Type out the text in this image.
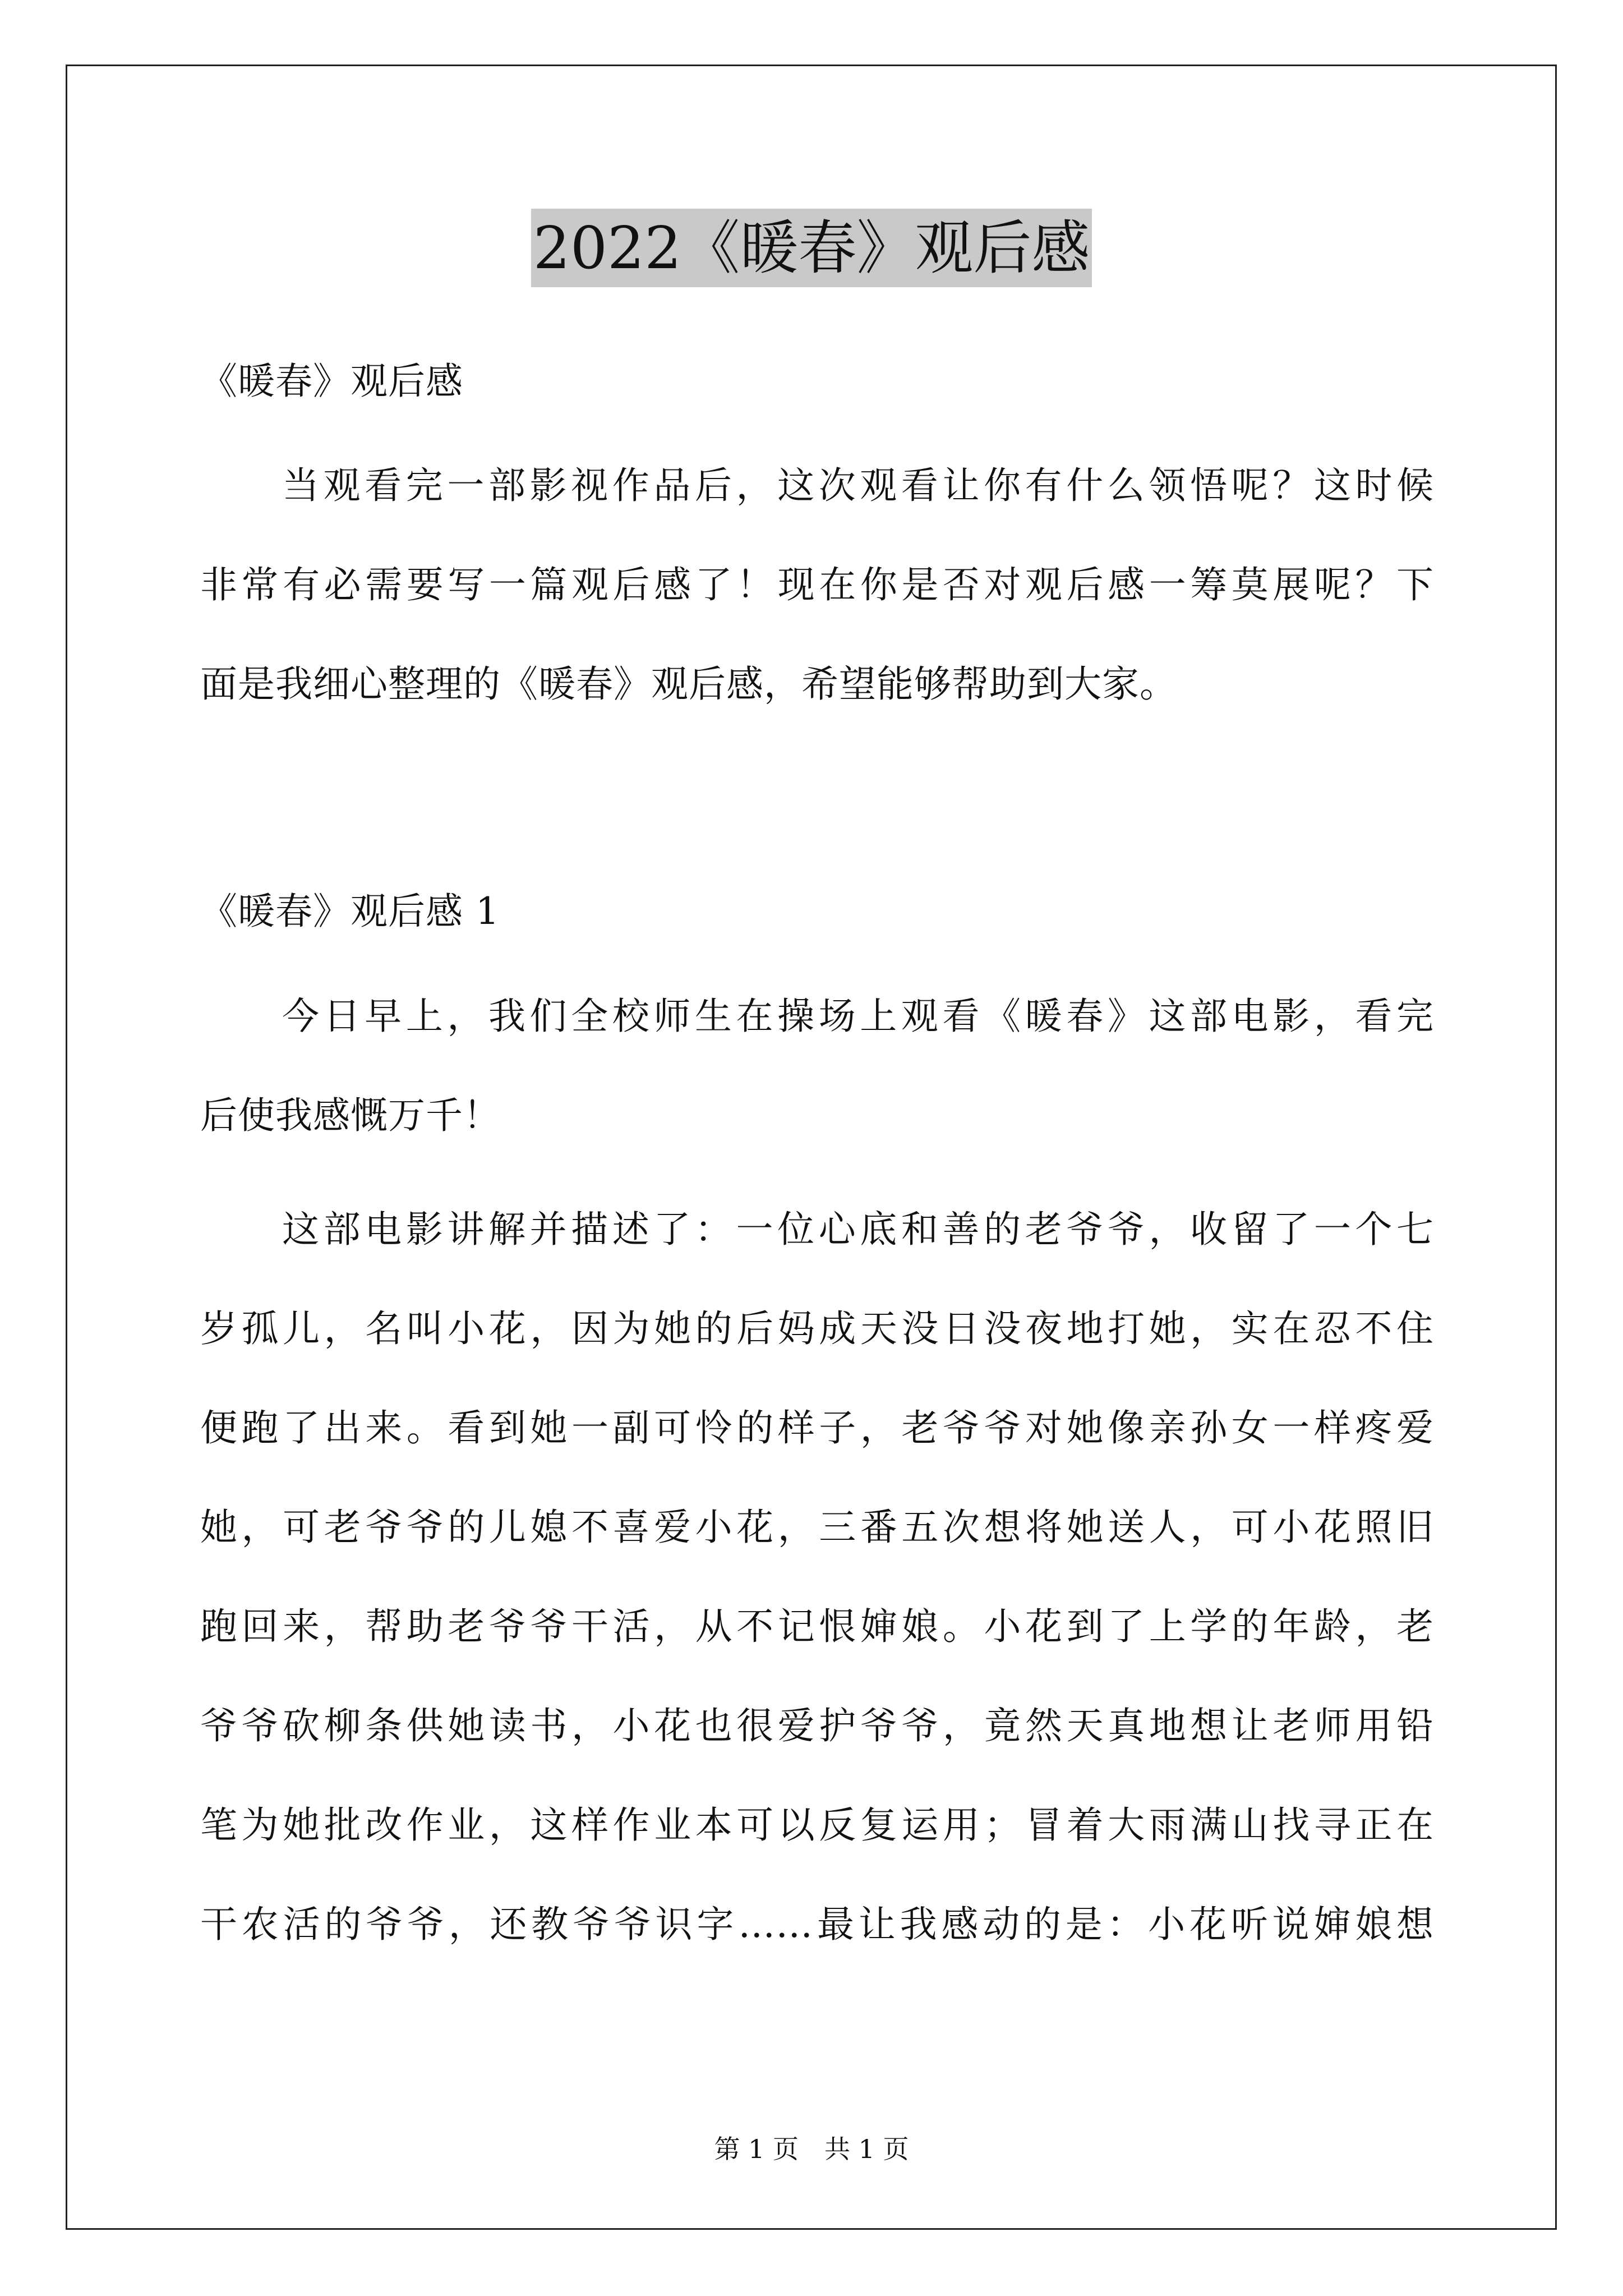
2022《暖春》观后感
《暖春》观后感
当观看完一部影视作品后，这次观看让你有什么领悟呢？这时候
非常有必需要写一篇观后感了！现在你是否对观后感一筹莫展呢？下
面是我细心整理的《暖春》观后感，希望能够帮助到大家。
《暖春》观后感 1
今日早上，我们全校师生在操场上观看《暖春》这部电影，看完
后使我感慨万千！
这部电影讲解并描述了：一位心底和善的老爷爷，收留了一个七
岁孤儿，名叫小花，因为她的后妈成天没日没夜地打她，实在忍不住
便跑了出来。看到她一副可怜的样子，老爷爷对她像亲孙女一样疼爱
她，可老爷爷的儿媳不喜爱小花，三番五次想将她送人，可小花照旧
跑回来，帮助老爷爷干活，从不记恨婶娘。小花到了上学的年龄，老
爷爷砍柳条供她读书，小花也很爱护爷爷，竟然天真地想让老师用铅
笔为她批改作业，这样作业本可以反复运用；冒着大雨满山找寻正在
干农活的爷爷，还教爷爷识字……最让我感动的是：小花听说婶娘想
第 1 页　共 1 页
